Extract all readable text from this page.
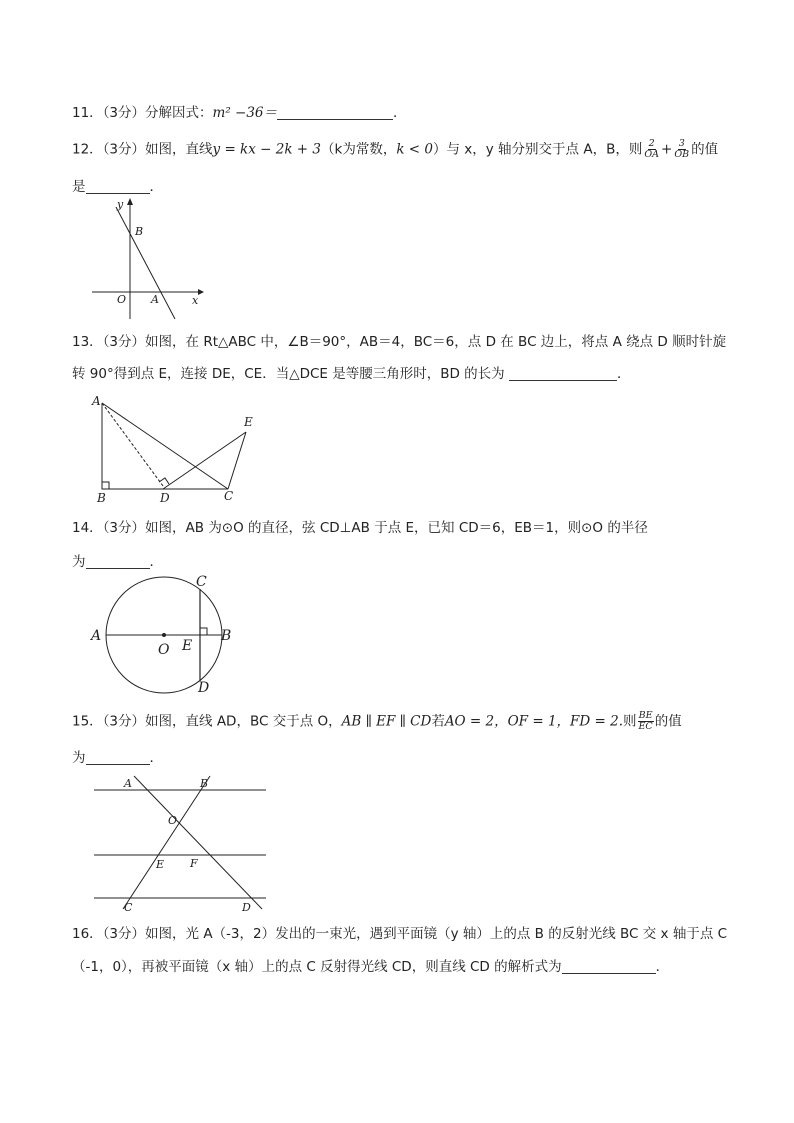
11．（3分）分解因式：m² −36＝	．
12．（3分）如图，直线y = kx − 2k + 3（k为常数，k < 0）与 x，y 轴分别交于点 A，B，则 $\frac{2}{OA} + \frac{3}{OB}$ 的值
是	．
y
x
B
O A
13．（3分）如图，在 Rt△ABC 中，∠B＝90°，AB＝4，BC＝6，点 D 在 BC 边上，将点 A 绕点 D 顺时针旋
转 90°得到点 E，连接 DE，CE．当△DCE 是等腰三角形时，BD 的长为	．
A
E
B	D	C
14．（3分）如图，AB 为⊙O 的直径，弦 CD⊥AB 于点 E，已知 CD＝6，EB＝1，则⊙O 的半径
为	．
A
O E
B
C
D
15．（3分）如图，直线 AD，BC 交于点 O，AB ∥ EF ∥ CD若AO = 2，OF = 1，FD = 2.则 $\frac{BE}{EC}$ 的值
为	．
A	B
O
E F
C	D
16．（3分）如图，光 A（-3，2）发出的一束光，遇到平面镜（y 轴）上的点 B 的反射光线 BC 交 x 轴于点 C
（-1，0），再被平面镜（x 轴）上的点 C 反射得光线 CD，则直线 CD 的解析式为	．
